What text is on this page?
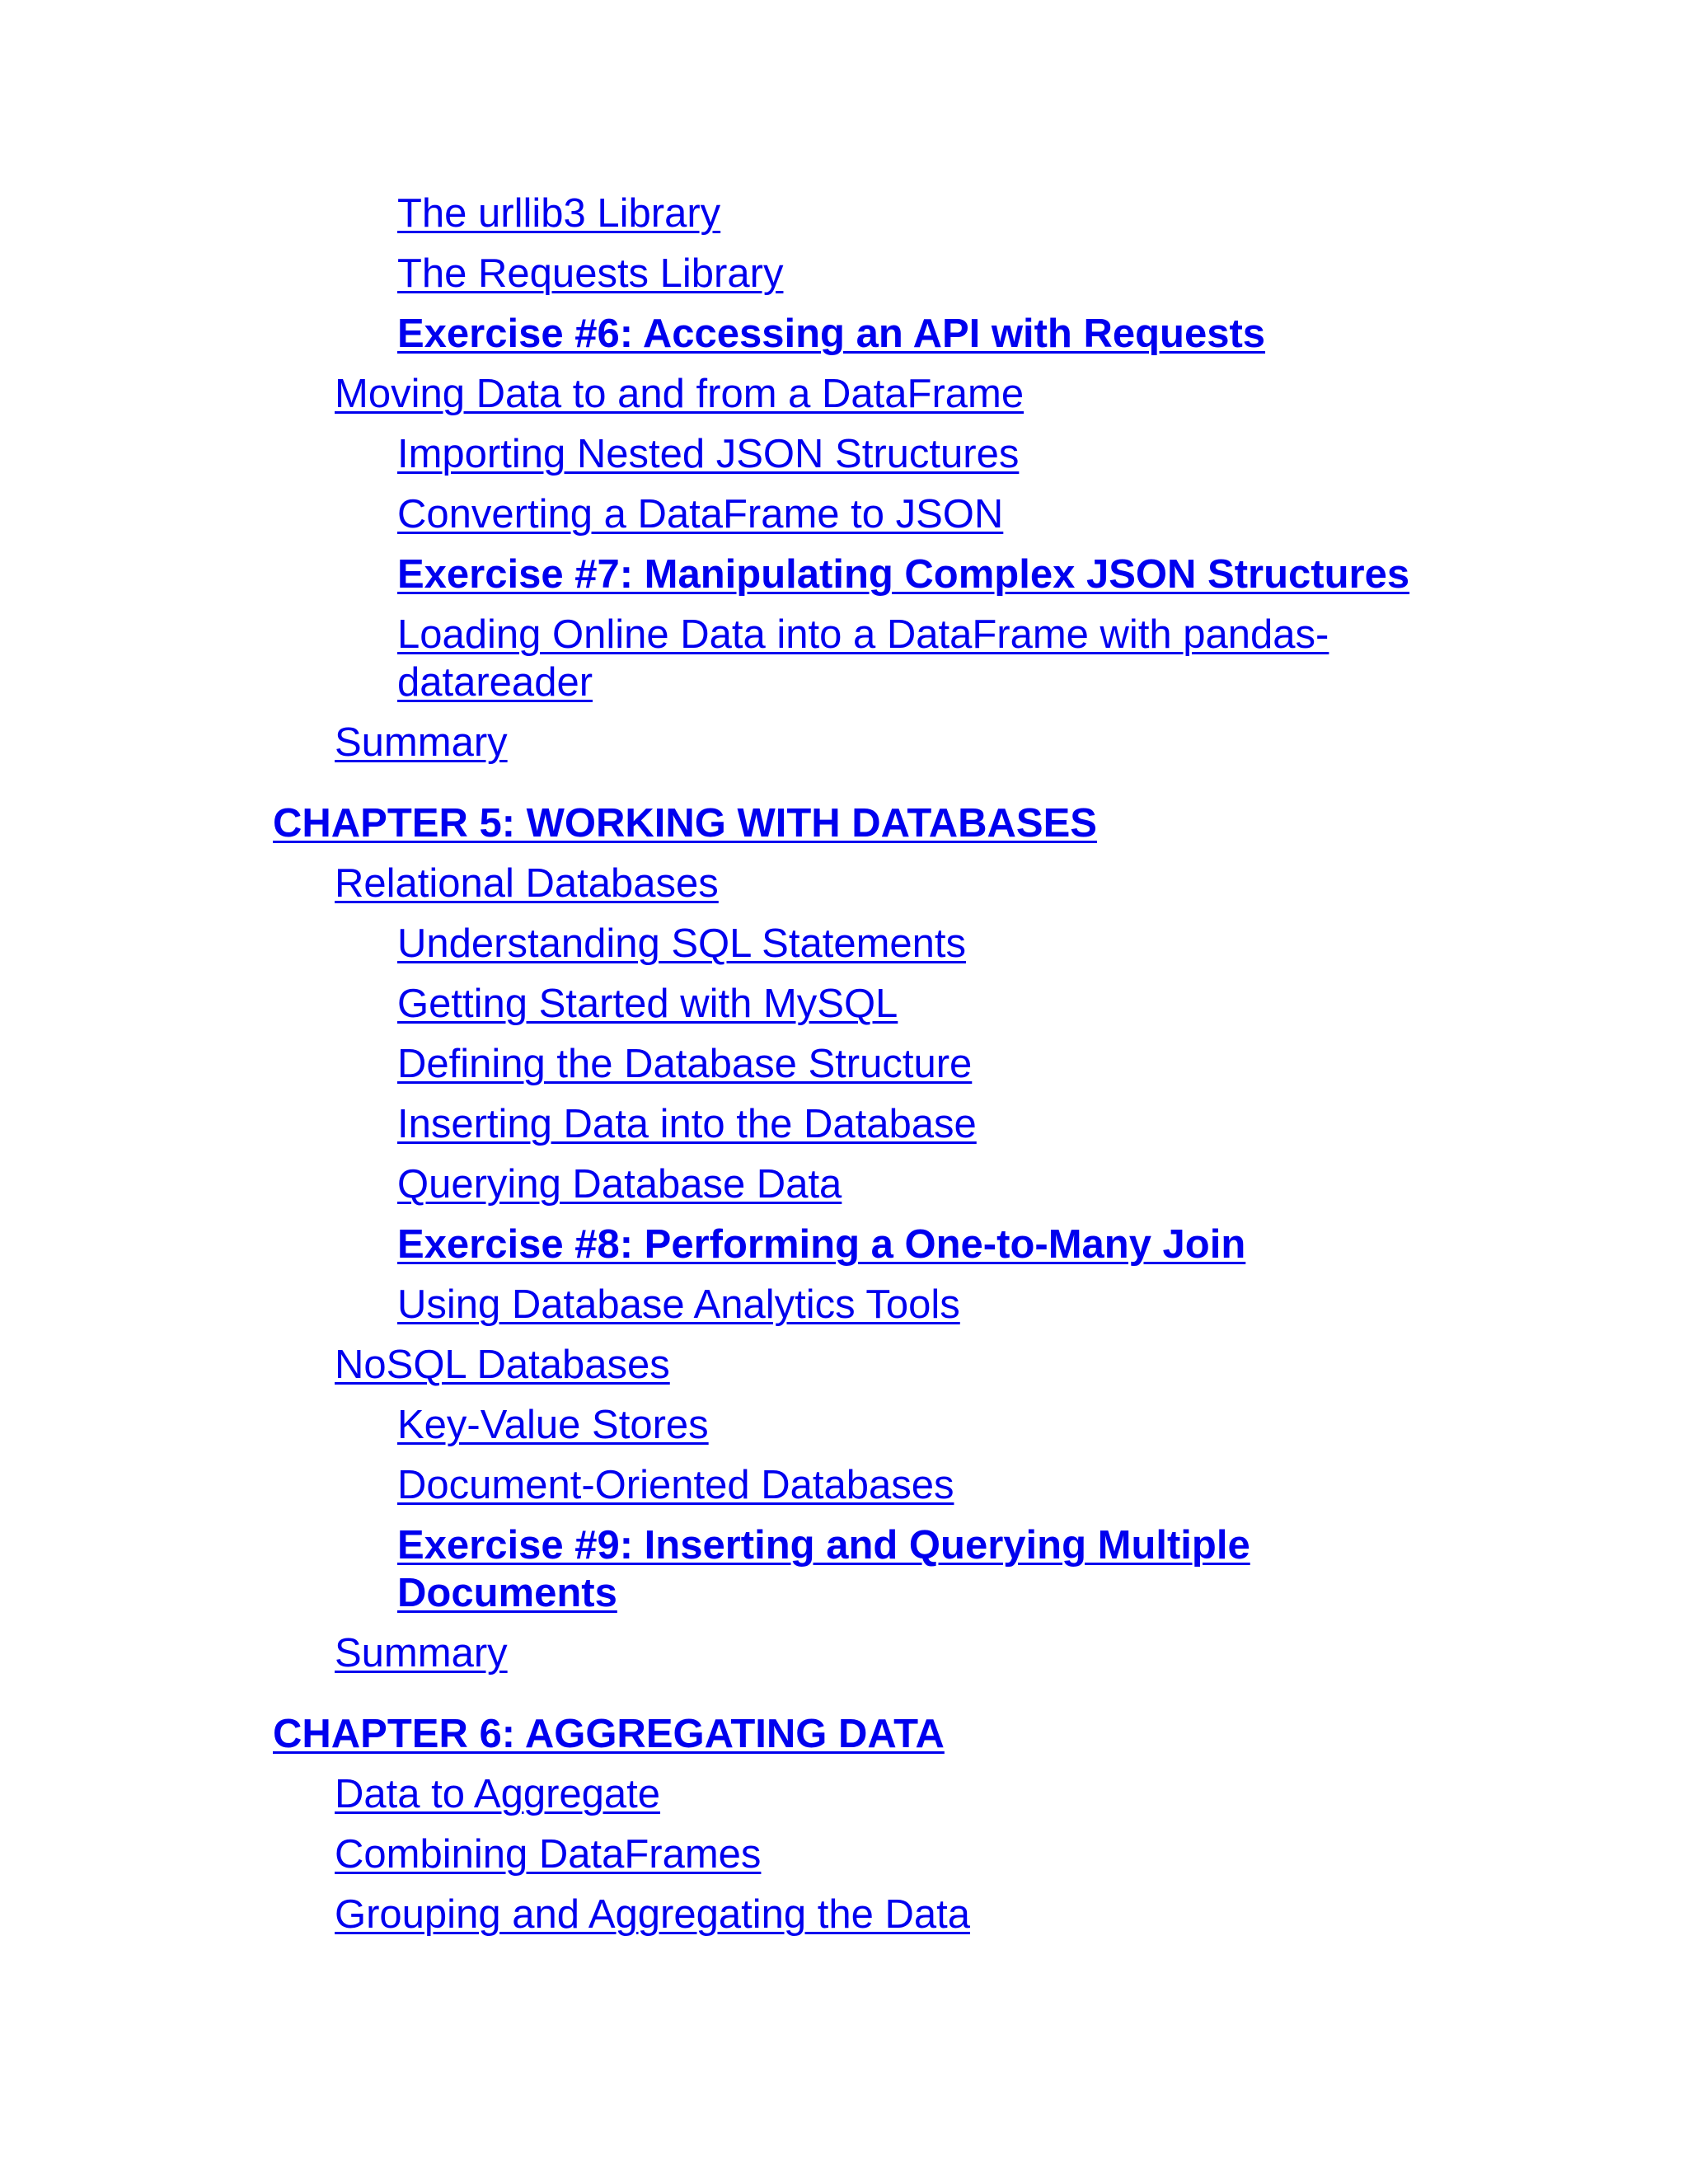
The urllib3 Library
The Requests Library
Exercise #6: Accessing an API with Requests
Moving Data to and from a DataFrame
Importing Nested JSON Structures
Converting a DataFrame to JSON
Exercise #7: Manipulating Complex JSON Structures
Loading Online Data into a DataFrame with pandas-datareader
Summary
CHAPTER 5: WORKING WITH DATABASES
Relational Databases
Understanding SQL Statements
Getting Started with MySQL
Defining the Database Structure
Inserting Data into the Database
Querying Database Data
Exercise #8: Performing a One-to-Many Join
Using Database Analytics Tools
NoSQL Databases
Key-Value Stores
Document-Oriented Databases
Exercise #9: Inserting and Querying Multiple Documents
Summary
CHAPTER 6: AGGREGATING DATA
Data to Aggregate
Combining DataFrames
Grouping and Aggregating the Data
